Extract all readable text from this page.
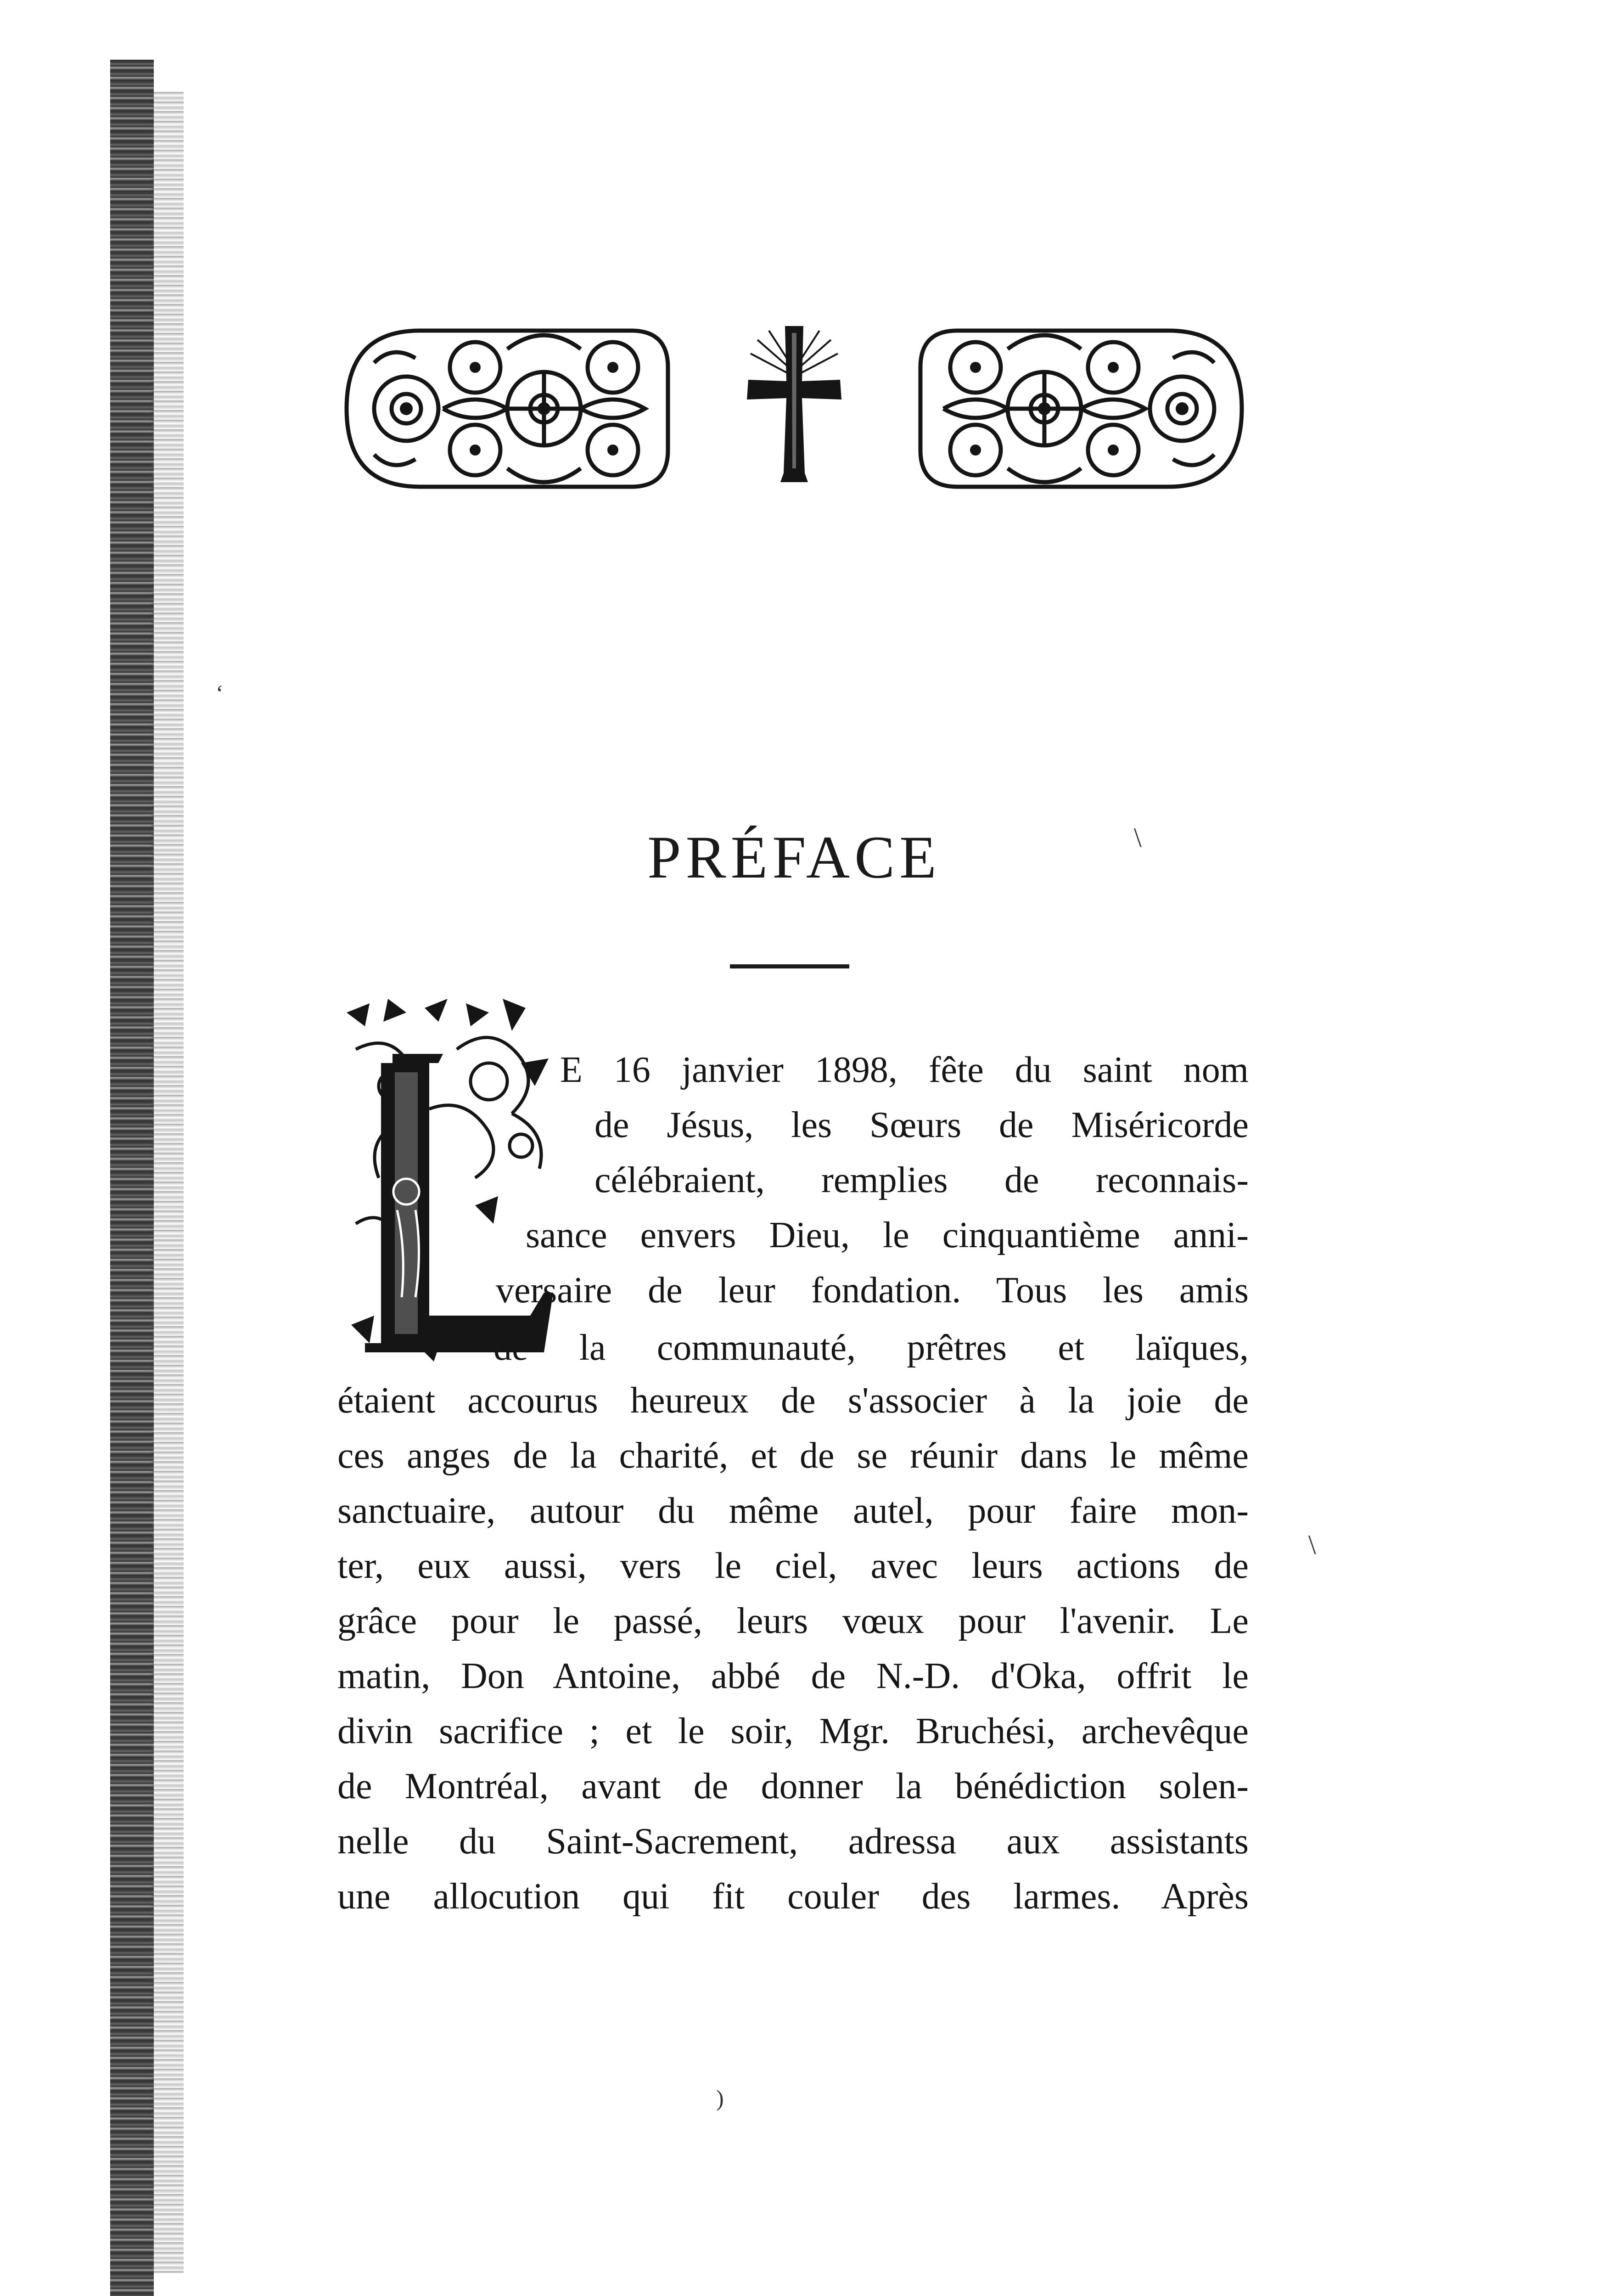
PRÉFACE
E 16 janvier 1898, fête du saint nom
de Jésus, les Sœurs de Miséricorde
célébraient, remplies de reconnais-
sance envers Dieu, le cinquantième anni-
versaire de leur fondation. Tous les amis
de la communauté, prêtres et laïques,
étaient accourus heureux de s'associer à la joie de
ces anges de la charité, et de se réunir dans le même
sanctuaire, autour du même autel, pour faire mon-
ter, eux aussi, vers le ciel, avec leurs actions de
grâce pour le passé, leurs vœux pour l'avenir. Le
matin, Don Antoine, abbé de N.-D. d'Oka, offrit le
divin sacrifice ; et le soir, Mgr. Bruchési, archevêque
de Montréal, avant de donner la bénédiction solen-
nelle du Saint-Sacrement, adressa aux assistants
une allocution qui fit couler des larmes. Après
‘
\
\
)
